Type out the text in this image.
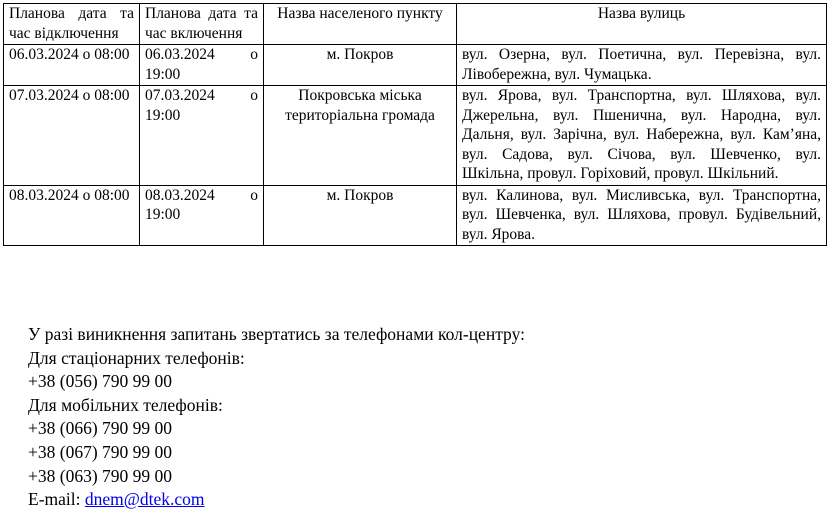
Планова дата та час відключення	Планова дата та час включення	Назва населеного пункту	Назва вулиць
06.03.2024 о 08:00	06.03.2024 о 19:00	м. Покров	вул. Озерна, вул. Поетична, вул. Перевізна, вул. Лівобережна, вул. Чумацька.
07.03.2024 о 08:00	07.03.2024 о 19:00	Покровська міська територіальна громада	вул. Ярова, вул. Транспортна, вул. Шляхова, вул. Джерельна, вул. Пшенична, вул. Народна, вул. Дальня, вул. Зарічна, вул. Набережна, вул. Кам’яна, вул. Садова, вул. Січова, вул. Шевченко, вул. Шкільна, провул. Горіховий, провул. Шкільний.
08.03.2024 о 08:00	08.03.2024 о 19:00	м. Покров	вул. Калинова, вул. Мисливська, вул. Транспортна, вул. Шевченка, вул. Шляхова, провул. Будівельний, вул. Ярова.
У разі виникнення запитань звертатись за телефонами кол-центру:
Для стаціонарних телефонів:
+38 (056) 790 99 00
Для мобільних телефонів:
+38 (066) 790 99 00
+38 (067) 790 99 00
+38 (063) 790 99 00
E-mail: dnem@dtek.com
